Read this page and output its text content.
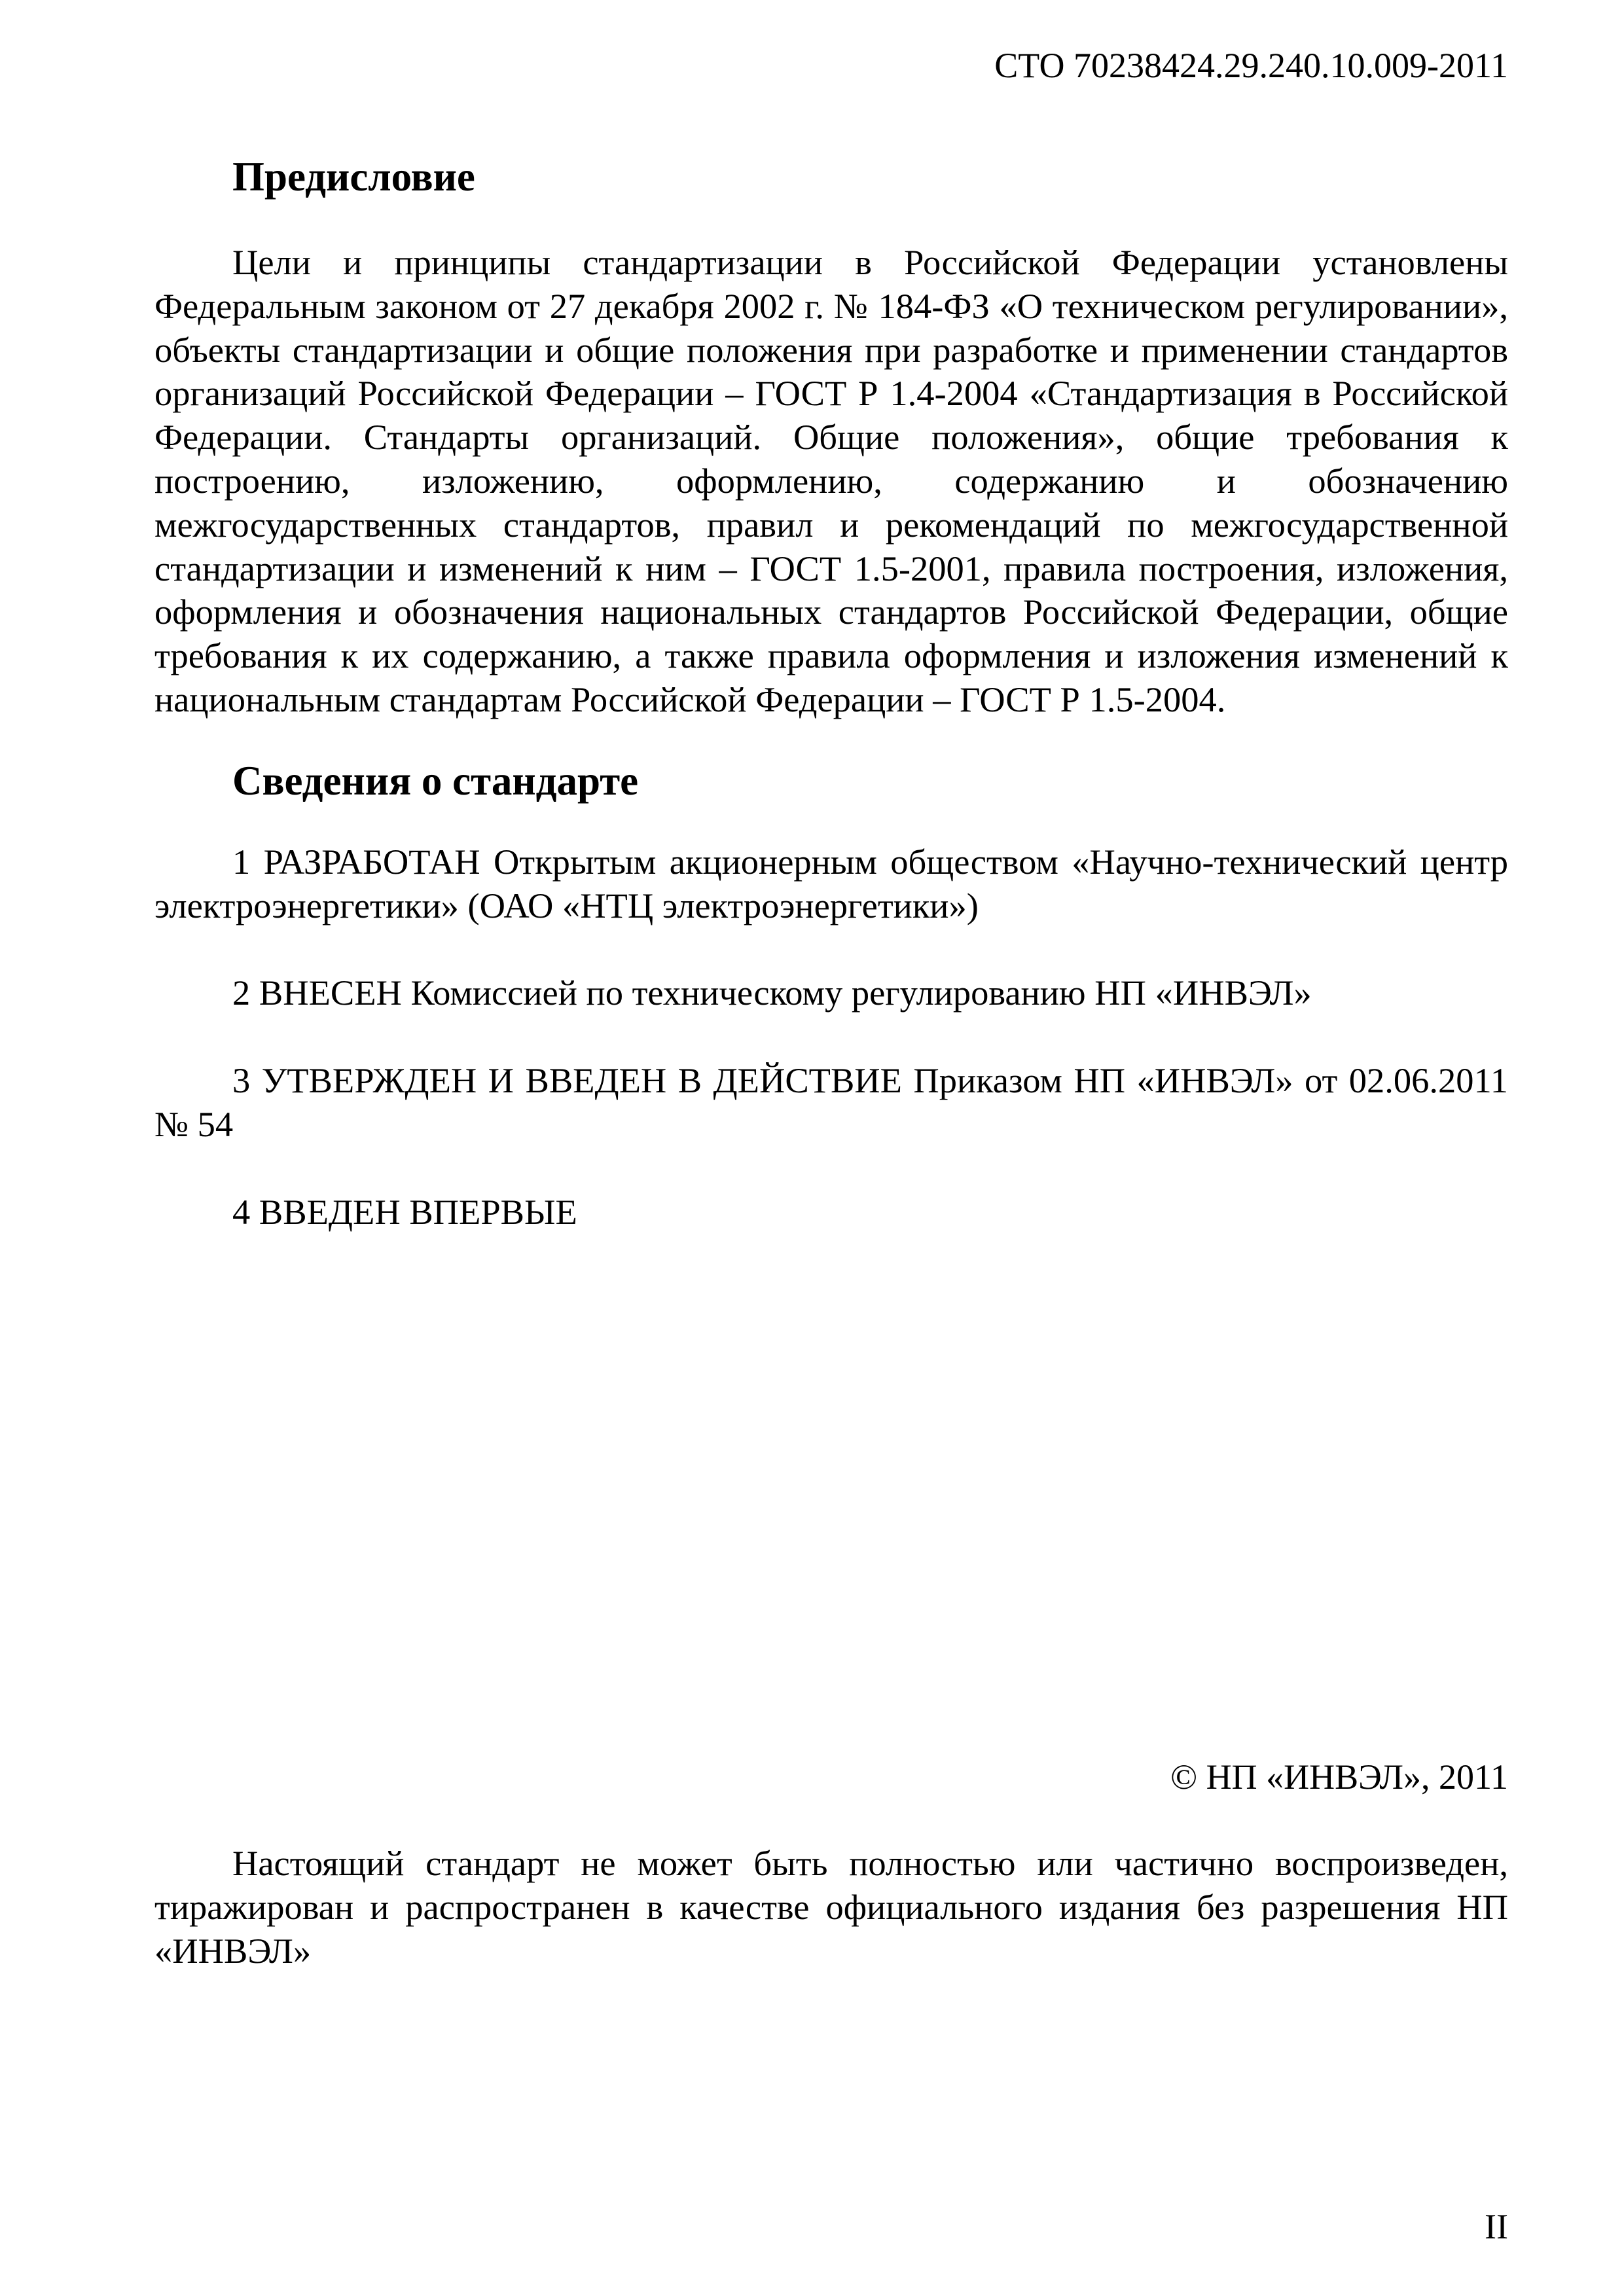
СТО 70238424.29.240.10.009-2011
Предисловие

Цели и принципы стандартизации в Российской Федерации установлены Федеральным законом от 27 декабря 2002 г. № 184-ФЗ «О техническом регулировании», объекты стандартизации и общие положения при разработке и применении стандартов организаций Российской Федерации – ГОСТ Р 1.4-2004 «Стандартизация в Российской Федерации. Стандарты организаций. Общие положения», общие требования к построению, изложению, оформлению, содержанию и обозначению межгосударственных стандартов, правил и рекомендаций по межгосударственной стандартизации и изменений к ним – ГОСТ 1.5-2001, правила построения, изложения, оформления и обозначения национальных стандартов Российской Федерации, общие требования к их содержанию, а также правила оформления и изложения изменений к национальным стандартам Российской Федерации – ГОСТ Р 1.5-2004.

Сведения о стандарте

1 РАЗРАБОТАН Открытым акционерным обществом «Научно-технический центр электроэнергетики» (ОАО «НТЦ электроэнергетики»)

2 ВНЕСЕН Комиссией по техническому регулированию НП «ИНВЭЛ»

3 УТВЕРЖДЕН И ВВЕДЕН В ДЕЙСТВИЕ Приказом НП «ИНВЭЛ» от 02.06.2011 № 54

4 ВВЕДЕН ВПЕРВЫЕ

© НП «ИНВЭЛ», 2011

Настоящий стандарт не может быть полностью или частично воспроизведен, тиражирован и распространен в качестве официального издания без разрешения НП «ИНВЭЛ»

II
